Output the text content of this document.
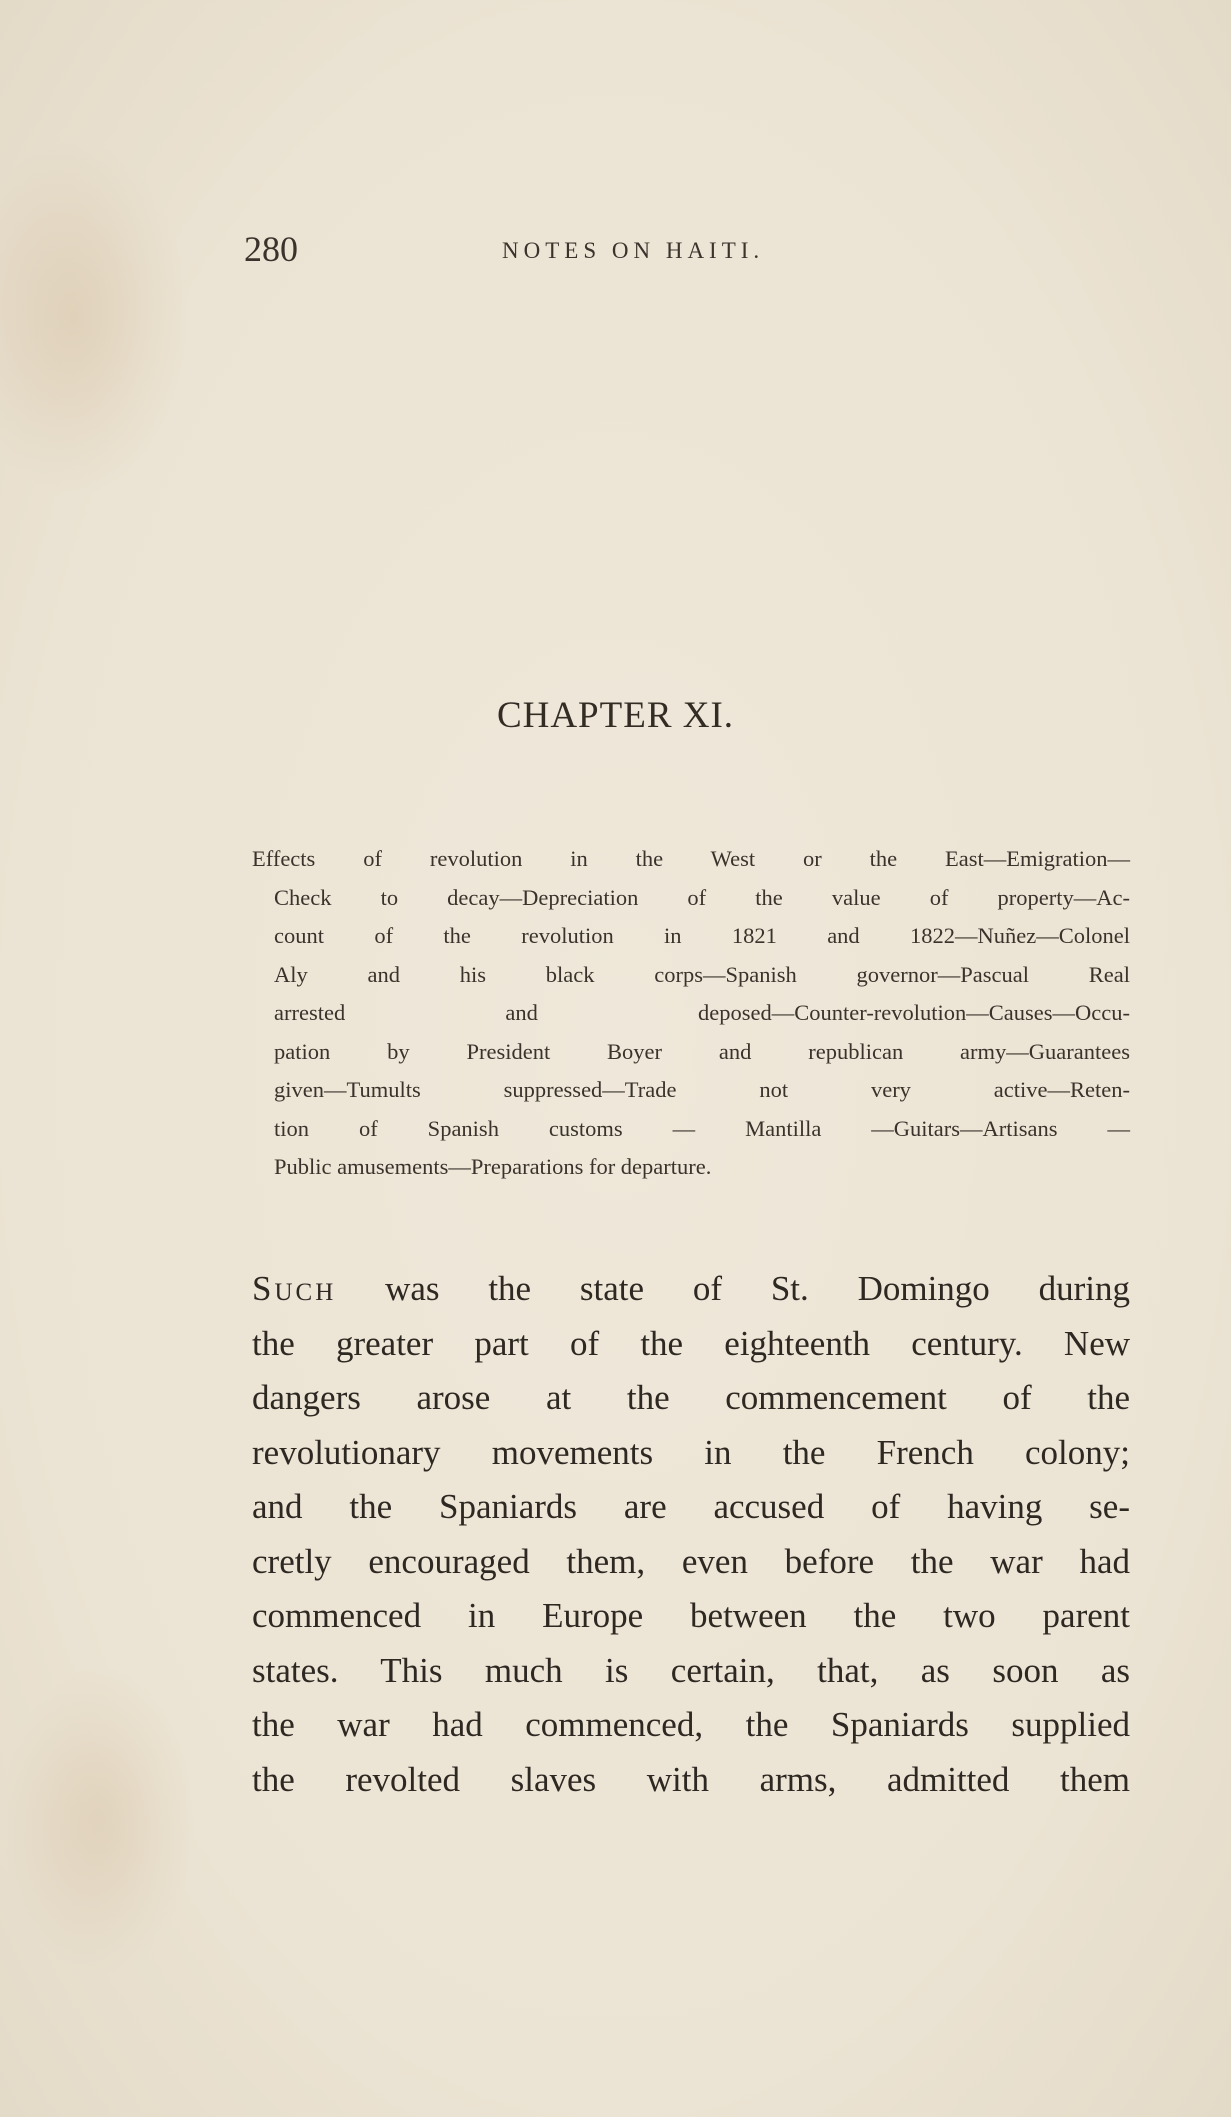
280	NOTES ON HAITI.
CHAPTER XI.
Effects of revolution in the West or the East—Emigration—
Check to decay—Depreciation of the value of property—Ac-
count of the revolution in 1821 and 1822—Nuñez—Colonel
Aly and his black corps—Spanish governor—Pascual Real
arrested and deposed—Counter-revolution—Causes—Occu-
pation by President Boyer and republican army—Guarantees
given—Tumults suppressed—Trade not very active—Reten-
tion of Spanish customs — Mantilla —Guitars—Artisans —
Public amusements—Preparations for departure.
Such was the state of St. Domingo during
the greater part of the eighteenth century. New
dangers arose at the commencement of the
revolutionary movements in the French colony;
and the Spaniards are accused of having se-
cretly encouraged them, even before the war had
commenced in Europe between the two parent
states. This much is certain, that, as soon as
the war had commenced, the Spaniards supplied
the revolted slaves with arms, admitted them
